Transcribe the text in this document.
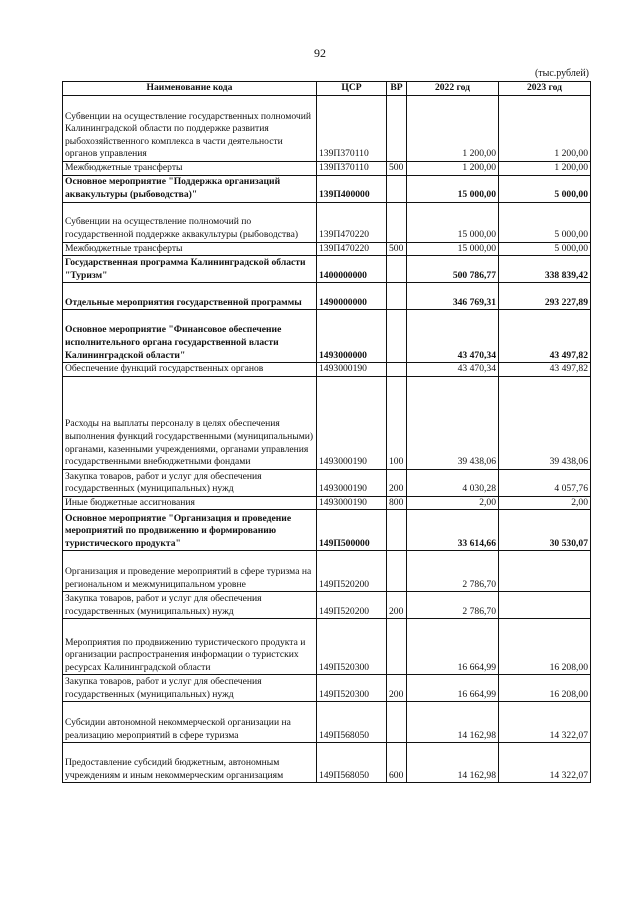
92
(тыс.рублей)
Наименование кода	ЦСР	ВР	2022 год	2023 год
Субвенции на осуществление государственных полномочий Калининградской области по поддержке развития рыбохозяйственного комплекса в части деятельности органов управления	139П370110		1 200,00	1 200,00
Межбюджетные трансферты	139П370110	500	1 200,00	1 200,00
Основное мероприятие "Поддержка организаций аквакультуры (рыбоводства)"	139П400000		15 000,00	5 000,00
Субвенции на осуществление полномочий по государственной поддержке аквакультуры (рыбоводства)	139П470220		15 000,00	5 000,00
Межбюджетные трансферты	139П470220	500	15 000,00	5 000,00
Государственная программа Калининградской области "Туризм"	1400000000		500 786,77	338 839,42
Отдельные мероприятия государственной программы	1490000000		346 769,31	293 227,89
Основное мероприятие "Финансовое обеспечение исполнительного органа государственной власти Калининградской области"	1493000000		43 470,34	43 497,82
Обеспечение функций государственных органов	1493000190		43 470,34	43 497,82
Расходы на выплаты персоналу в целях обеспечения выполнения функций государственными (муниципальными) органами, казенными учреждениями, органами управления государственными внебюджетными фондами	1493000190	100	39 438,06	39 438,06
Закупка товаров, работ и услуг для обеспечения государственных (муниципальных) нужд	1493000190	200	4 030,28	4 057,76
Иные бюджетные ассигнования	1493000190	800	2,00	2,00
Основное мероприятие "Организация и проведение мероприятий по продвижению и формированию туристического продукта"	149П500000		33 614,66	30 530,07
Организация и проведение мероприятий в сфере туризма на региональном и межмуниципальном уровне	149П520200		2 786,70	
Закупка товаров, работ и услуг для обеспечения государственных (муниципальных) нужд	149П520200	200	2 786,70	
Мероприятия по продвижению туристического продукта и организации распространения информации о туристских ресурсах Калининградской области	149П520300		16 664,99	16 208,00
Закупка товаров, работ и услуг для обеспечения государственных (муниципальных) нужд	149П520300	200	16 664,99	16 208,00
Субсидии автономной некоммерческой организации на реализацию мероприятий в сфере туризма	149П568050		14 162,98	14 322,07
Предоставление субсидий бюджетным, автономным учреждениям и иным некоммерческим организациям	149П568050	600	14 162,98	14 322,07
